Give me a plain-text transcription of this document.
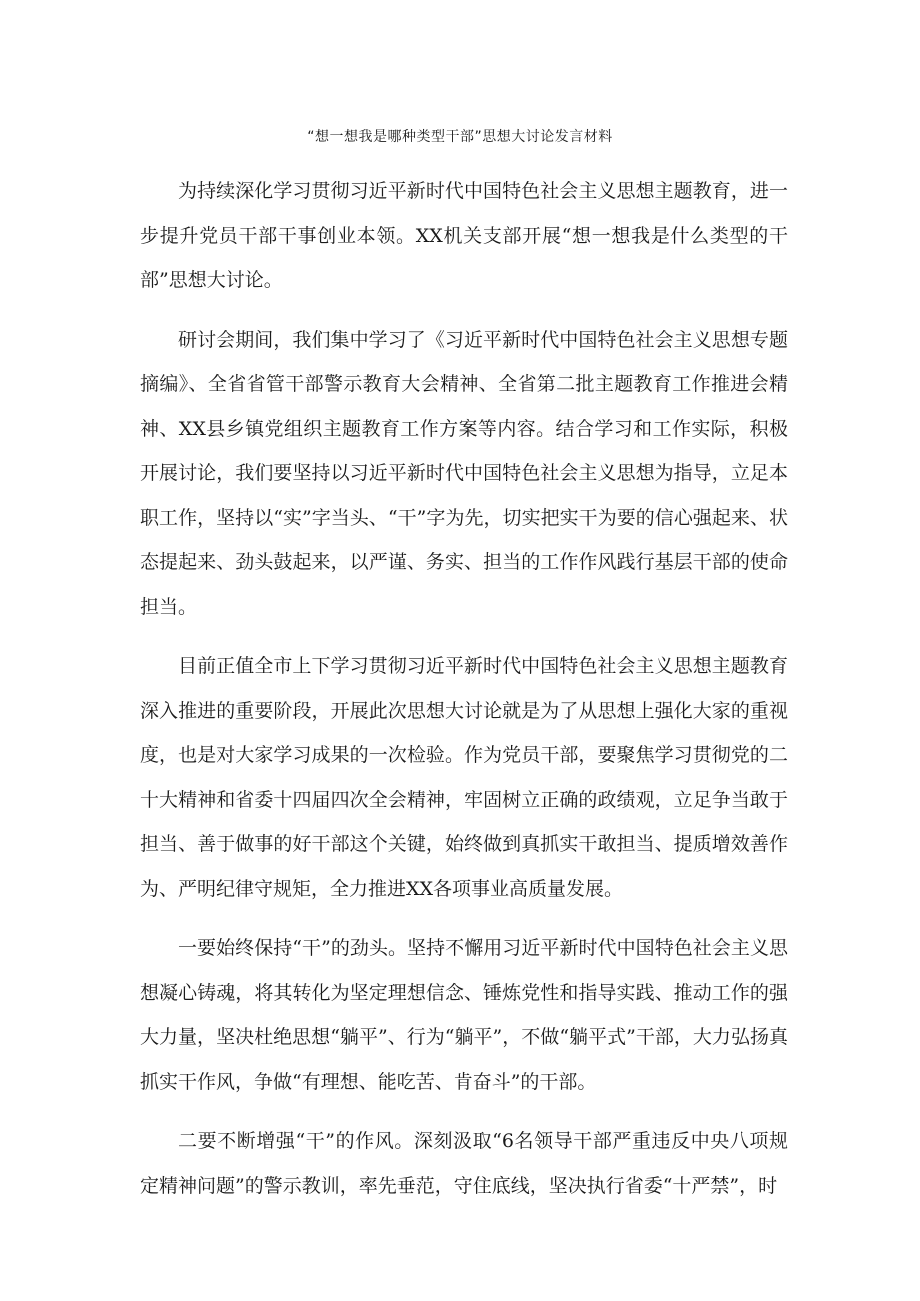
“想一想我是哪种类型干部”思想大讨论发言材料

为持续深化学习贯彻习近平新时代中国特色社会主义思想主题教育，进一步提升党员干部干事创业本领。XX机关支部开展“想一想我是什么类型的干部”思想大讨论。

研讨会期间，我们集中学习了《习近平新时代中国特色社会主义思想专题摘编》、全省省管干部警示教育大会精神、全省第二批主题教育工作推进会精神、XX县乡镇党组织主题教育工作方案等内容。结合学习和工作实际，积极开展讨论，我们要坚持以习近平新时代中国特色社会主义思想为指导，立足本职工作，坚持以“实”字当头、“干”字为先，切实把实干为要的信心强起来、状态提起来、劲头鼓起来，以严谨、务实、担当的工作作风践行基层干部的使命担当。

目前正值全市上下学习贯彻习近平新时代中国特色社会主义思想主题教育深入推进的重要阶段，开展此次思想大讨论就是为了从思想上强化大家的重视度，也是对大家学习成果的一次检验。作为党员干部，要聚焦学习贯彻党的二十大精神和省委十四届四次全会精神，牢固树立正确的政绩观，立足争当敢于担当、善于做事的好干部这个关键，始终做到真抓实干敢担当、提质增效善作为、严明纪律守规矩，全力推进XX各项事业高质量发展。

一要始终保持“干”的劲头。坚持不懈用习近平新时代中国特色社会主义思想凝心铸魂，将其转化为坚定理想信念、锤炼党性和指导实践、推动工作的强大力量，坚决杜绝思想“躺平”、行为“躺平”，不做“躺平式”干部，大力弘扬真抓实干作风，争做“有理想、能吃苦、肯奋斗”的干部。

二要不断增强“干”的作风。深刻汲取“6名领导干部严重违反中央八项规定精神问题”的警示教训，率先垂范，守住底线，坚决执行省委“十严禁”，时
